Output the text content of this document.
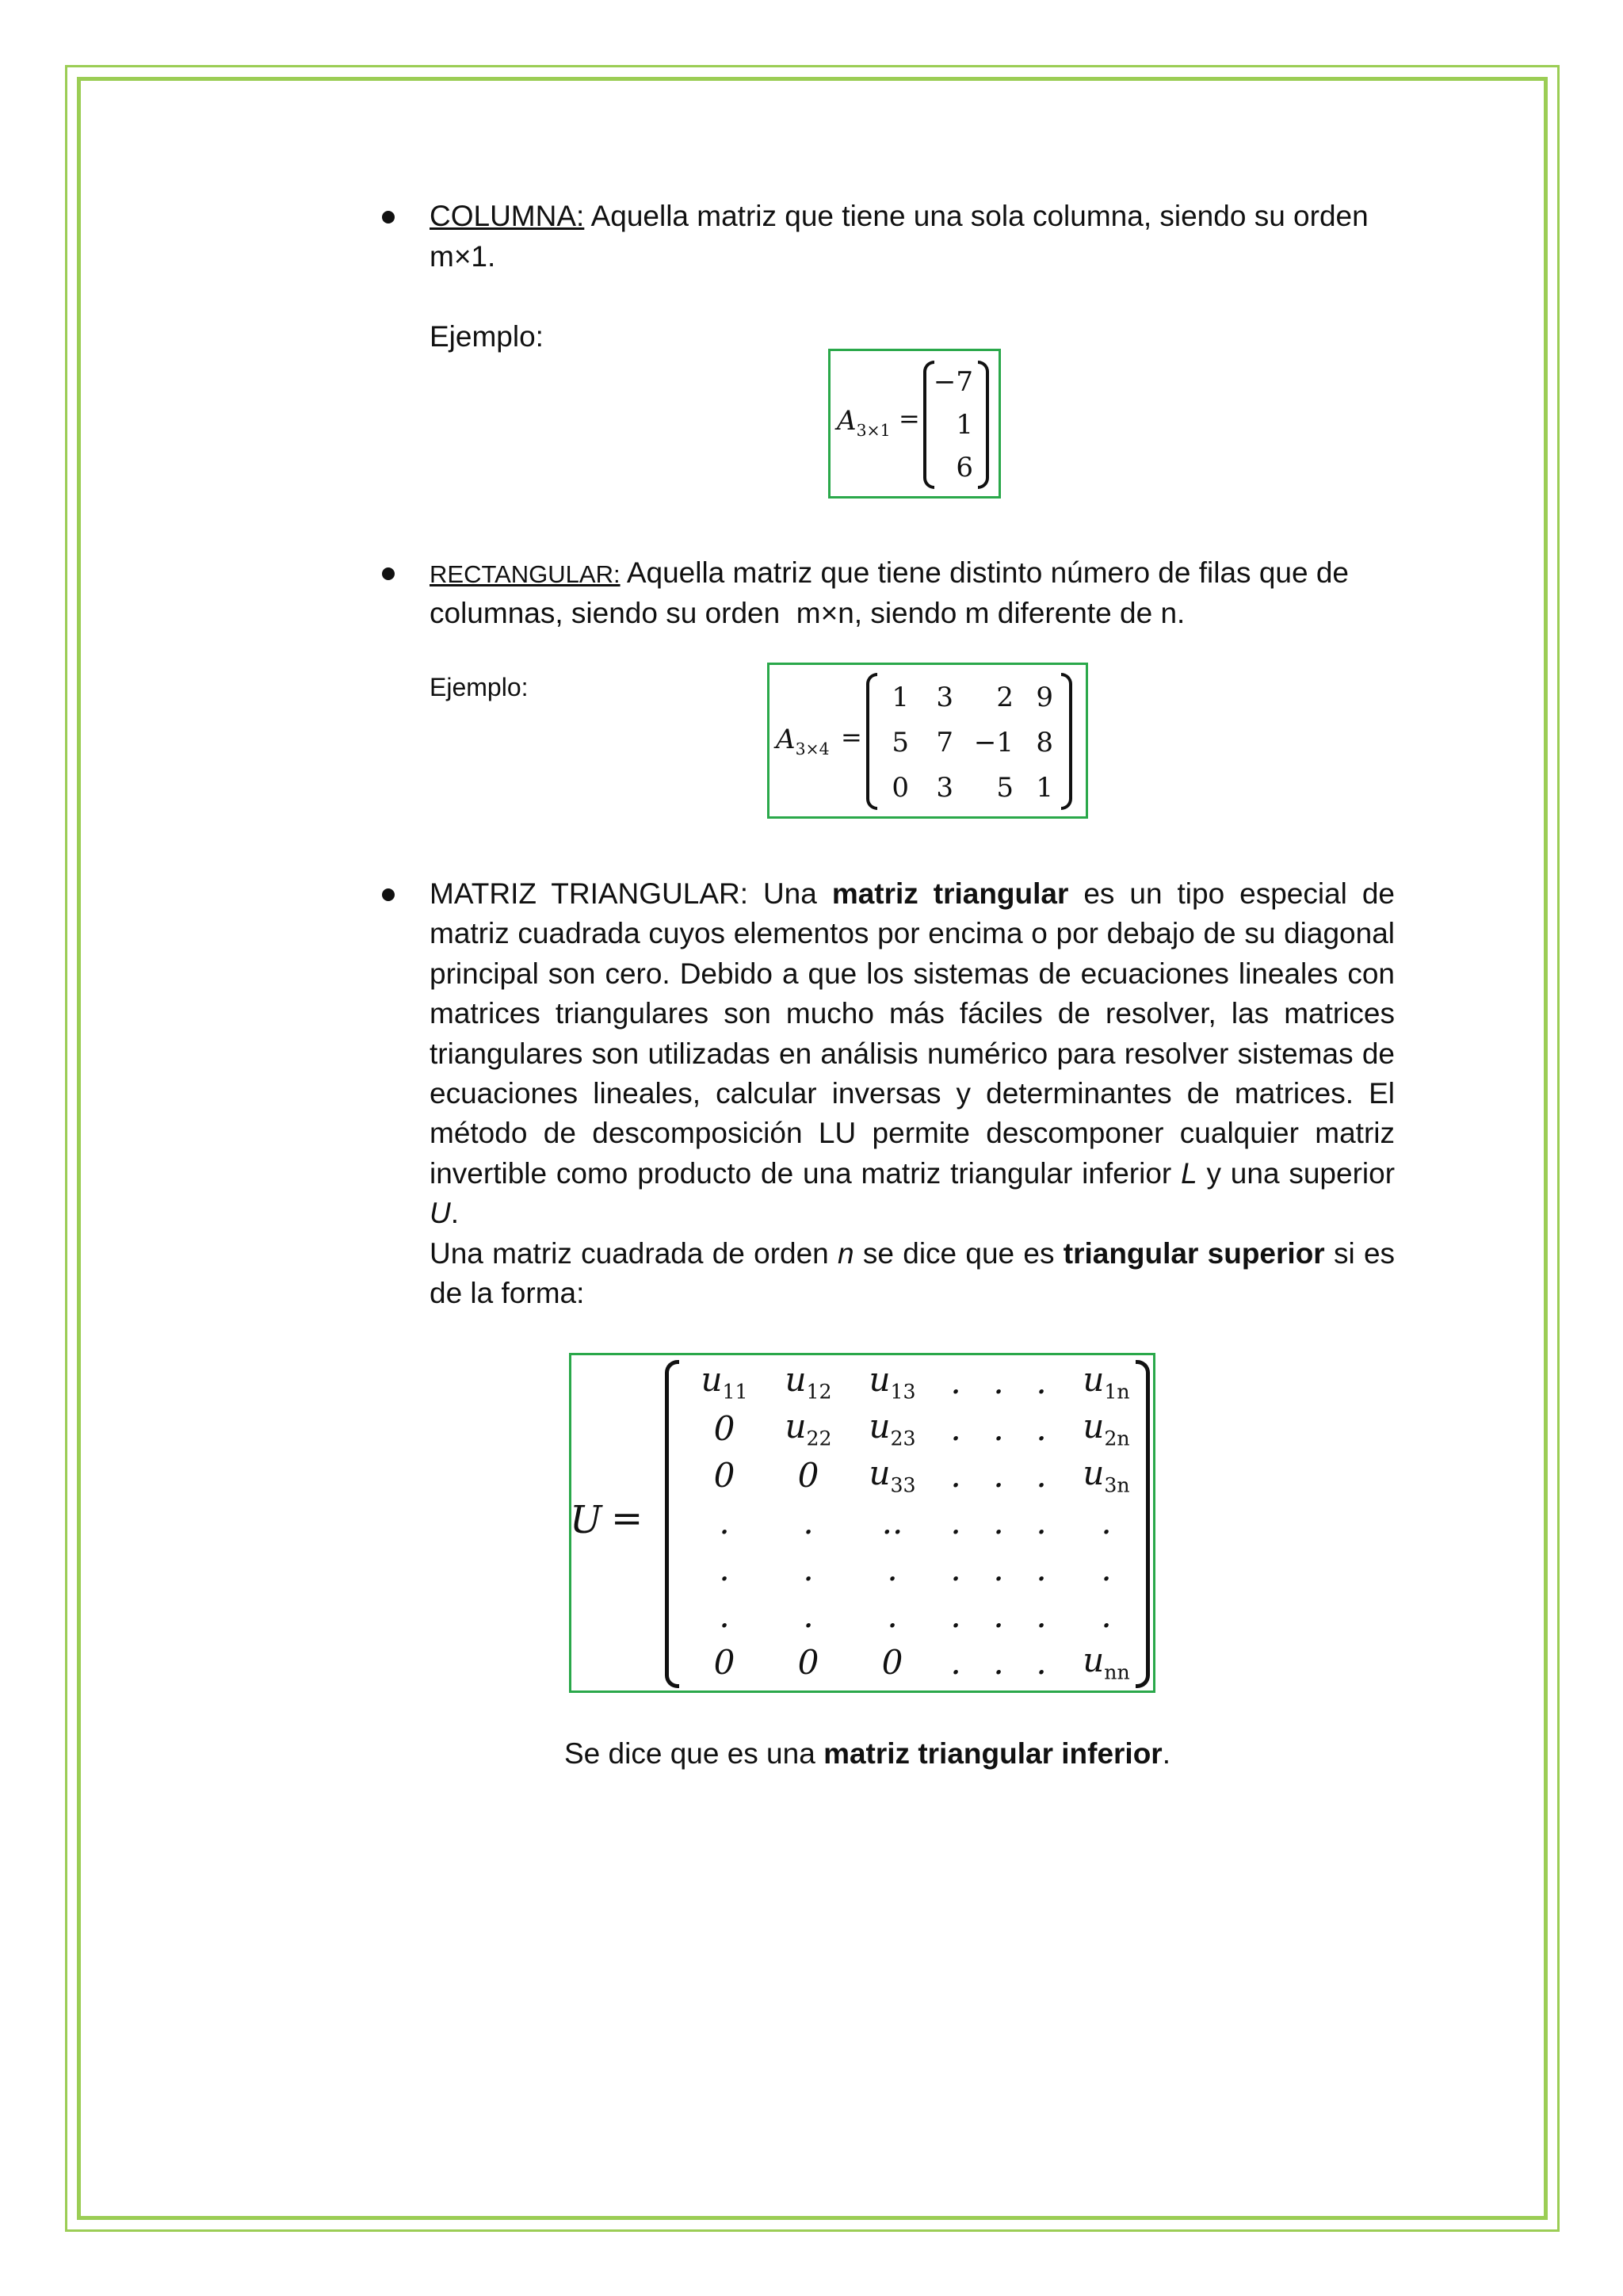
COLUMNA: Aquella matriz que tiene una sola columna, siendo su orden
m×1.
Ejemplo:
$A_{3\times 1}$ =
−7
1
6
RECTANGULAR: Aquella matriz que tiene distinto número de filas que de
columnas, siendo su orden  m×n, siendo m diferente de n.
Ejemplo:
$A_{3\times 4}$ =
1	3	2 9
5	7 −1 8
0	3	5 1
MATRIZ TRIANGULAR: Una matriz triangular es un tipo especial de matriz cuadrada cuyos elementos por encima o por debajo de su diagonal principal son cero. Debido a que los sistemas de ecuaciones lineales con matrices triangulares son mucho más fáciles de resolver, las matrices triangulares son utilizadas en análisis numérico para resolver sistemas de ecuaciones lineales, calcular inversas y determinantes de matrices. El método de descomposición LU permite descomponer cualquier matriz invertible como producto de una matriz triangular inferior L y una superior U.
Una matriz cuadrada de orden n se dice que es triangular superior si es de la forma:
U =
$u_{11}$	$u_{12}$	$u_{13}$	. . .	$u_{1n}$
0	$u_{22}$	$u_{23}$	. . .	$u_{2n}$
0	0	$u_{33}$	. . .	$u_{3n}$
.	.	..	. . .	.
.	.	.	. . .	.
.	.	.	. . .	.
0	0	0	. . .	$u_{nn}$
Se dice que es una matriz triangular inferior.
